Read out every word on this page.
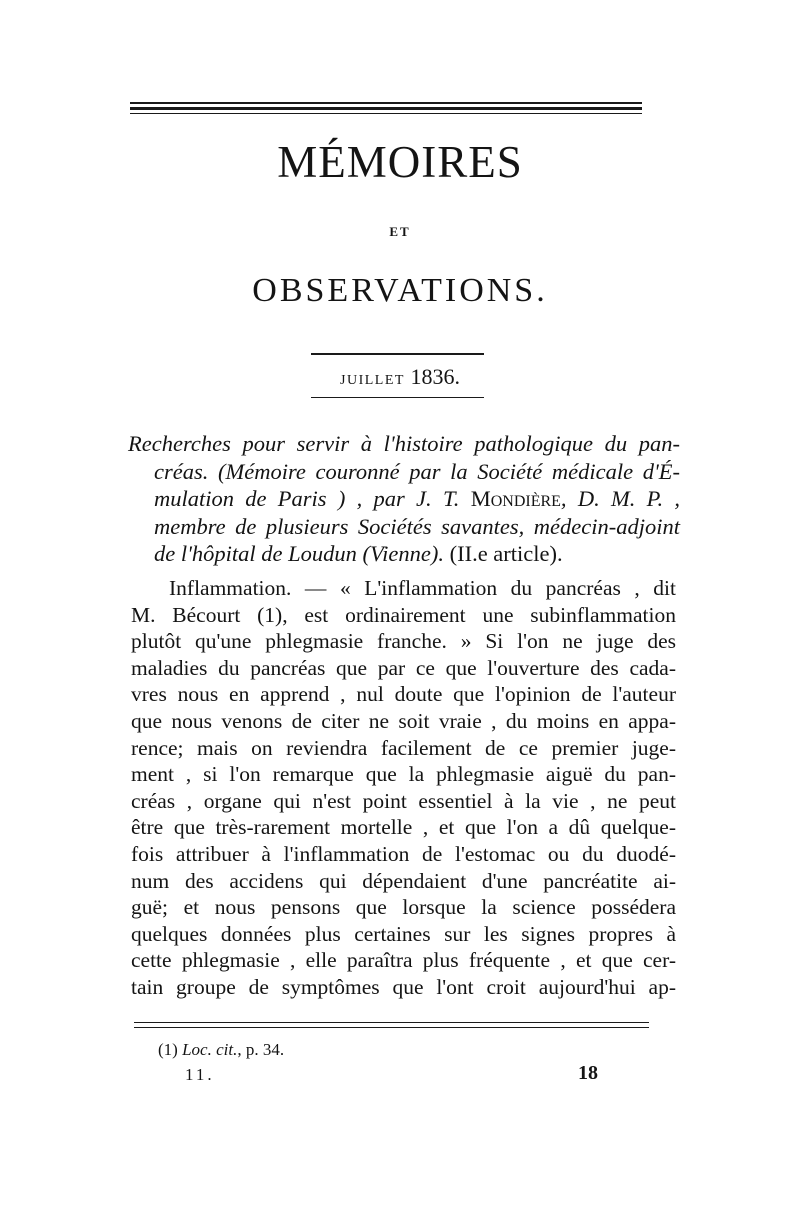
MÉMOIRES
ET
OBSERVATIONS.
JUILLET 1836.
Recherches pour servir à l'histoire pathologique du pan-
créas. (Mémoire couronné par la Société médicale d'É-
mulation de Paris ) , par J. T. Mondière, D. M. P. ,
membre de plusieurs Sociétés savantes, médecin-adjoint
de l'hôpital de Loudun (Vienne). (II.e article).
Inflammation. — « L'inflammation du pancréas , dit
M. Bécourt (1), est ordinairement une subinflammation
plutôt qu'une phlegmasie franche. » Si l'on ne juge des
maladies du pancréas que par ce que l'ouverture des cada-
vres nous en apprend , nul doute que l'opinion de l'auteur
que nous venons de citer ne soit vraie , du moins en appa-
rence; mais on reviendra facilement de ce premier juge-
ment , si l'on remarque que la phlegmasie aiguë du pan-
créas , organe qui n'est point essentiel à la vie , ne peut
être que très-rarement mortelle , et que l'on a dû quelque-
fois attribuer à l'inflammation de l'estomac ou du duodé-
num des accidens qui dépendaient d'une pancréatite ai-
guë; et nous pensons que lorsque la science possédera
quelques données plus certaines sur les signes propres à
cette phlegmasie , elle paraîtra plus fréquente , et que cer-
tain groupe de symptômes que l'ont croit aujourd'hui ap-
(1) Loc. cit., p. 34.
11.	18
